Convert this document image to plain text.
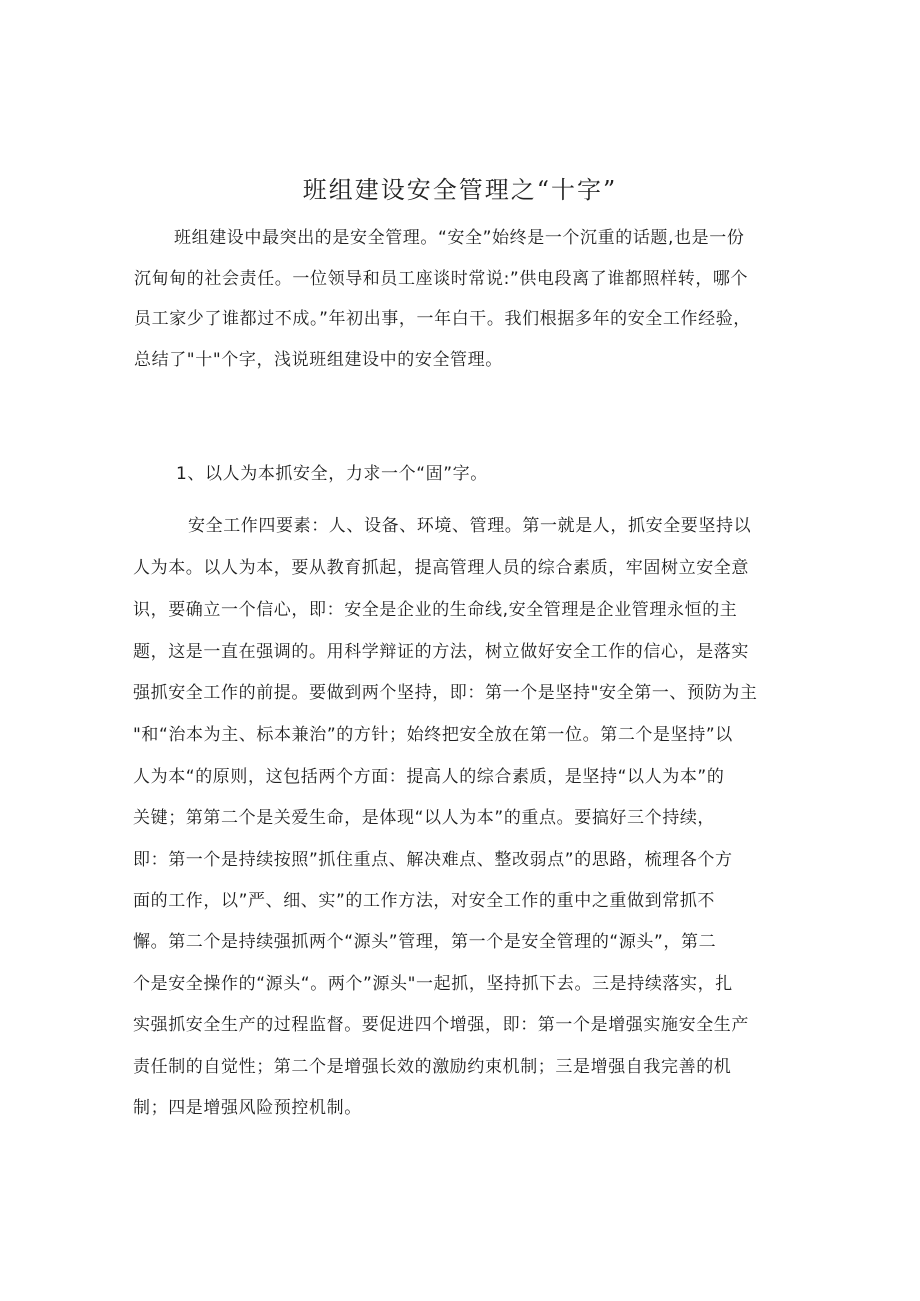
班组建设安全管理之“十字”
班组建设中最突出的是安全管理。“安全”始终是一个沉重的话题,也是一份
沉甸甸的社会责任。一位领导和员工座谈时常说:”供电段离了谁都照样转，哪个
员工家少了谁都过不成。”年初出事，一年白干。我们根据多年的安全工作经验，
总结了"十"个字，浅说班组建设中的安全管理。
1、以人为本抓安全，力求一个“固”字。
安全工作四要素：人、设备、环境、管理。第一就是人，抓安全要坚持以
人为本。以人为本，要从教育抓起，提高管理人员的综合素质，牢固树立安全意
识，要确立一个信心，即：安全是企业的生命线,安全管理是企业管理永恒的主
题，这是一直在强调的。用科学辩证的方法，树立做好安全工作的信心，是落实
强抓安全工作的前提。要做到两个坚持，即：第一个是坚持"安全第一、预防为主
"和“治本为主、标本兼治”的方针；始终把安全放在第一位。第二个是坚持”以
人为本“的原则，这包括两个方面：提高人的综合素质，是坚持“以人为本”的
关键；第第二个是关爱生命，是体现“以人为本”的重点。要搞好三个持续，
即：第一个是持续按照”抓住重点、解决难点、整改弱点”的思路，梳理各个方
面的工作，以”严、细、实”的工作方法，对安全工作的重中之重做到常抓不
懈。第二个是持续强抓两个“源头”管理，第一个是安全管理的“源头”，第二
个是安全操作的“源头“。两个”源头"一起抓，坚持抓下去。三是持续落实，扎
实强抓安全生产的过程监督。要促进四个增强，即：第一个是增强实施安全生产
责任制的自觉性；第二个是增强长效的激励约束机制；三是增强自我完善的机
制；四是增强风险预控机制。
